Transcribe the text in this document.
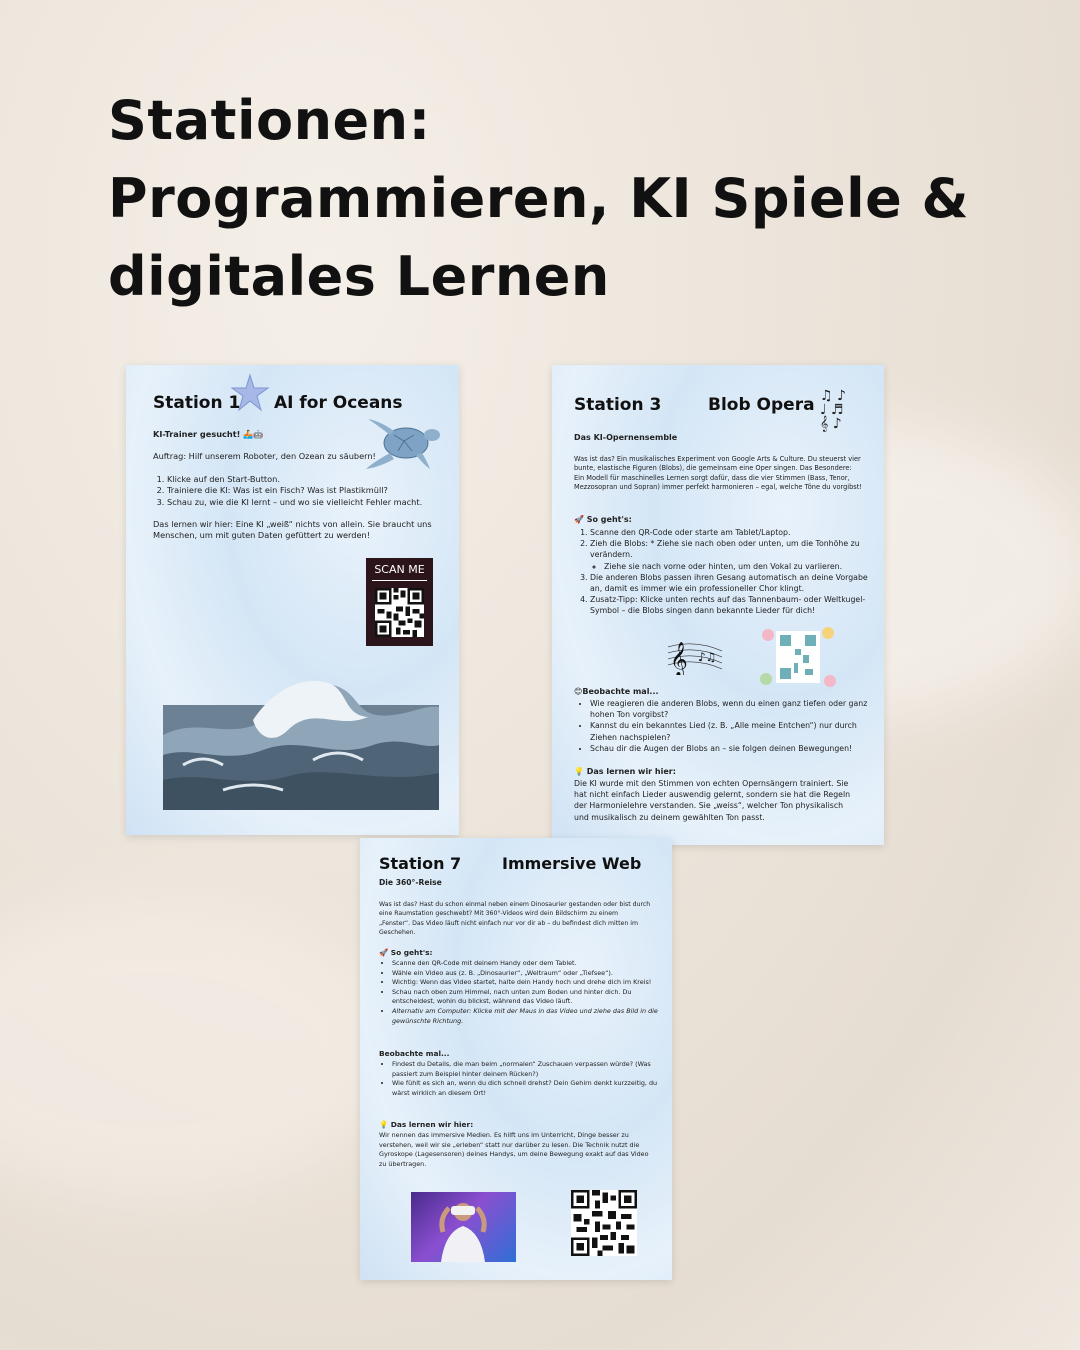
Stationen:
Programmieren, KI Spiele &
digitales Lernen
Station 1 AI for Oceans
KI-Trainer gesucht! 🚣🤖
Auftrag: Hilf unserem Roboter, den Ozean zu säubern!
1. Klicke auf den Start-Button.
2. Trainiere die KI: Was ist ein Fisch? Was ist Plastikmüll?
3. Schau zu, wie die KI lernt – und wo sie vielleicht Fehler macht.
Das lernen wir hier: Eine KI „weiß“ nichts von allein. Sie braucht uns Menschen, um mit guten Daten gefüttert zu werden!
SCAN ME
Station 3	Blob Opera ♫ ♪
♩ ♬
𝄞 ♪
Das KI-Opernensemble
Was ist das? Ein musikalisches Experiment von Google Arts & Culture. Du steuerst vier bunte, elastische Figuren (Blobs), die gemeinsam eine Oper singen. Das Besondere: Ein Modell für maschinelles Lernen sorgt dafür, dass die vier Stimmen (Bass, Tenor, Mezzosopran und Sopran) immer perfekt harmonieren – egal, welche Töne du vorgibst!
🚀 So geht's:
1. Scanne den QR-Code oder starte am Tablet/Laptop.
2. Zieh die Blobs: * Ziehe sie nach oben oder unten, um die Tonhöhe zu verändern.
◦ Ziehe sie nach vorne oder hinten, um den Vokal zu variieren.
3. Die anderen Blobs passen ihren Gesang automatisch an deine Vorgabe an, damit es immer wie ein professioneller Chor klingt.
4. Zusatz-Tipp: Klicke unten rechts auf das Tannenbaum- oder Weltkugel-Symbol – die Blobs singen dann bekannte Lieder für dich!
𝄞 ♪♫
😊Beobachte mal...
• Wie reagieren die anderen Blobs, wenn du einen ganz tiefen oder ganz hohen Ton vorgibst?
• Kannst du ein bekanntes Lied (z. B. „Alle meine Entchen“) nur durch Ziehen nachspielen?
• Schau dir die Augen der Blobs an – sie folgen deinen Bewegungen!
💡 Das lernen wir hier:
Die KI wurde mit den Stimmen von echten Opernsängern trainiert. Sie hat nicht einfach Lieder auswendig gelernt, sondern sie hat die Regeln der Harmonielehre verstanden. Sie „weiss“, welcher Ton physikalisch und musikalisch zu deinem gewählten Ton passt.
Station 7	Immersive Web
Die 360°-Reise
Was ist das? Hast du schon einmal neben einem Dinosaurier gestanden oder bist durch eine Raumstation geschwebt? Mit 360°-Videos wird dein Bildschirm zu einem „Fenster“. Das Video läuft nicht einfach nur vor dir ab – du befindest dich mitten im Geschehen.
🚀 So geht's:
• Scanne den QR-Code mit deinem Handy oder dem Tablet.
• Wähle ein Video aus (z. B. „Dinosaurier“, „Weltraum“ oder „Tiefsee“).
• Wichtig: Wenn das Video startet, halte dein Handy hoch und drehe dich im Kreis!
• Schau nach oben zum Himmel, nach unten zum Boden und hinter dich. Du entscheidest, wohin du blickst, während das Video läuft.
• Alternativ am Computer: Klicke mit der Maus in das Video und ziehe das Bild in die gewünschte Richtung.
Beobachte mal...
• Findest du Details, die man beim „normalen“ Zuschauen verpassen würde? (Was passiert zum Beispiel hinter deinem Rücken?)
• Wie fühlt es sich an, wenn du dich schnell drehst? Dein Gehirn denkt kurzzeitig, du wärst wirklich an diesem Ort!
💡 Das lernen wir hier:
Wir nennen das immersive Medien. Es hilft uns im Unterricht, Dinge besser zu verstehen, weil wir sie „erleben“ statt nur darüber zu lesen. Die Technik nutzt die Gyroskope (Lagesensoren) deines Handys, um deine Bewegung exakt auf das Video zu übertragen.
